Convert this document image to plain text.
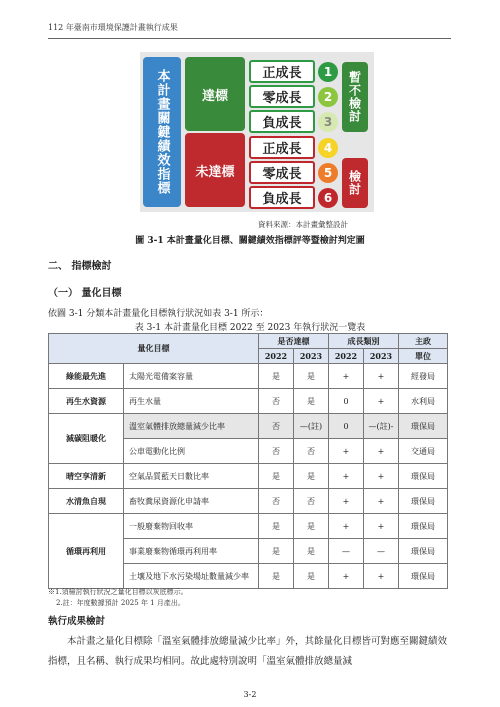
112 年臺南市環境保護計畫執行成果
本計畫關鍵績效指標	達標
未達標
正成長
零成長
負成長
正成長
零成長
負成長
1
2
3
4
5
6
暫不檢討
檢討
資料來源：本計畫彙整設計
圖 3-1 本計畫量化目標、關鍵績效指標評等暨檢討判定圖
二、 指標檢討
（一） 量化目標
依圖 3-1 分類本計畫量化目標執行狀況如表 3-1 所示：
表 3-1 本計畫量化目標 2022 至 2023 年執行狀況一覽表
量化目標		是否達標		成長類別		主政
		2022	2023	2022	2023	單位
綠能最先進	太陽光電備案容量	是	是	+	+	經發局
再生水資源	再生水量	否	是	0	+	水利局
減碳阻暖化	溫室氣體排放總量減少比率	否	—(註)	0	—(註)-	環保局
	公車電動化比例	否	否	+	+	交通局
晴空享清新	空氣品質藍天日數比率	是	是	+	+	環保局
水清魚自現	畜牧糞尿資源化申請率	否	否	+	+	環保局
循環再利用	一般廢棄物回收率	是	是	+	+	環保局
	事業廢棄物循環再利用率	是	是	—	—	環保局
	土壤及地下水污染場址數量減少率	是	是	+	+	環保局
※1.須檢討執行狀況之量化目標以灰底標示。
2.註：年度數據預計 2025 年 1 月產出。
執行成果檢討
本計畫之量化目標除「溫室氣體排放總量減少比率」外，其餘量化目標皆可對應至關鍵績效指標，且名稱、執行成果均相同。故此處特別說明「溫室氣體排放總量減
3-2
